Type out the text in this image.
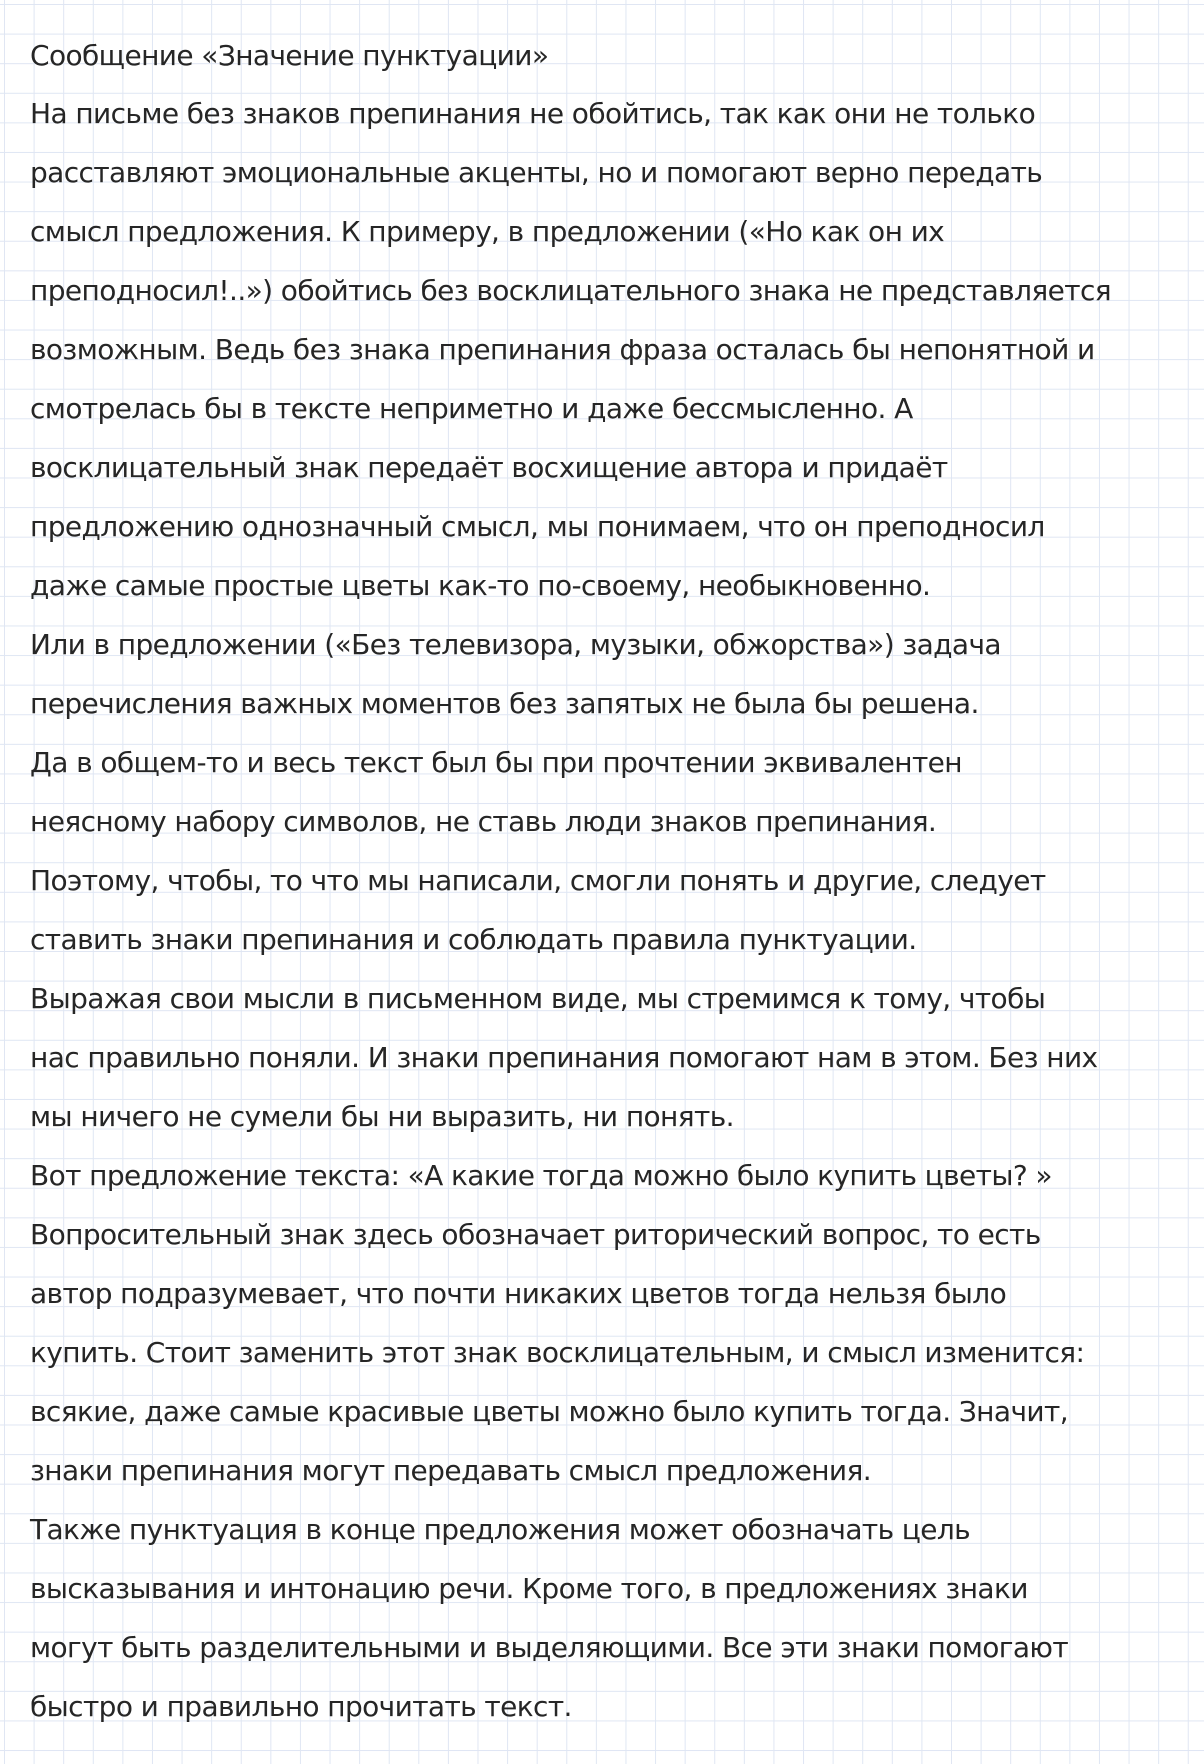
Сообщение «Значение пунктуации»
На письме без знаков препинания не обойтись, так как они не только
расставляют эмоциональные акценты, но и помогают верно передать
смысл предложения. К примеру, в предложении («Но как он их
преподносил!..») обойтись без восклицательного знака не представляется
возможным. Ведь без знака препинания фраза осталась бы непонятной и
смотрелась бы в тексте неприметно и даже бессмысленно. А
восклицательный знак передаёт восхищение автора и придаёт
предложению однозначный смысл, мы понимаем, что он преподносил
даже самые простые цветы как-то по-своему, необыкновенно.
Или в предложении («Без телевизора, музыки, обжорства») задача
перечисления важных моментов без запятых не была бы решена.
Да в общем-то и весь текст был бы при прочтении эквивалентен
неясному набору символов, не ставь люди знаков препинания.
Поэтому, чтобы, то что мы написали, смогли понять и другие, следует
ставить знаки препинания и соблюдать правила пунктуации.
Выражая свои мысли в письменном виде, мы стремимся к тому, чтобы
нас правильно поняли. И знаки препинания помогают нам в этом. Без них
мы ничего не сумели бы ни выразить, ни понять.
Вот предложение текста: «А какие тогда можно было купить цветы? »
Вопросительный знак здесь обозначает риторический вопрос, то есть
автор подразумевает, что почти никаких цветов тогда нельзя было
купить. Стоит заменить этот знак восклицательным, и смысл изменится:
всякие, даже самые красивые цветы можно было купить тогда. Значит,
знаки препинания могут передавать смысл предложения.
Также пунктуация в конце предложения может обозначать цель
высказывания и интонацию речи. Кроме того, в предложениях знаки
могут быть разделительными и выделяющими. Все эти знаки помогают
быстро и правильно прочитать текст.
